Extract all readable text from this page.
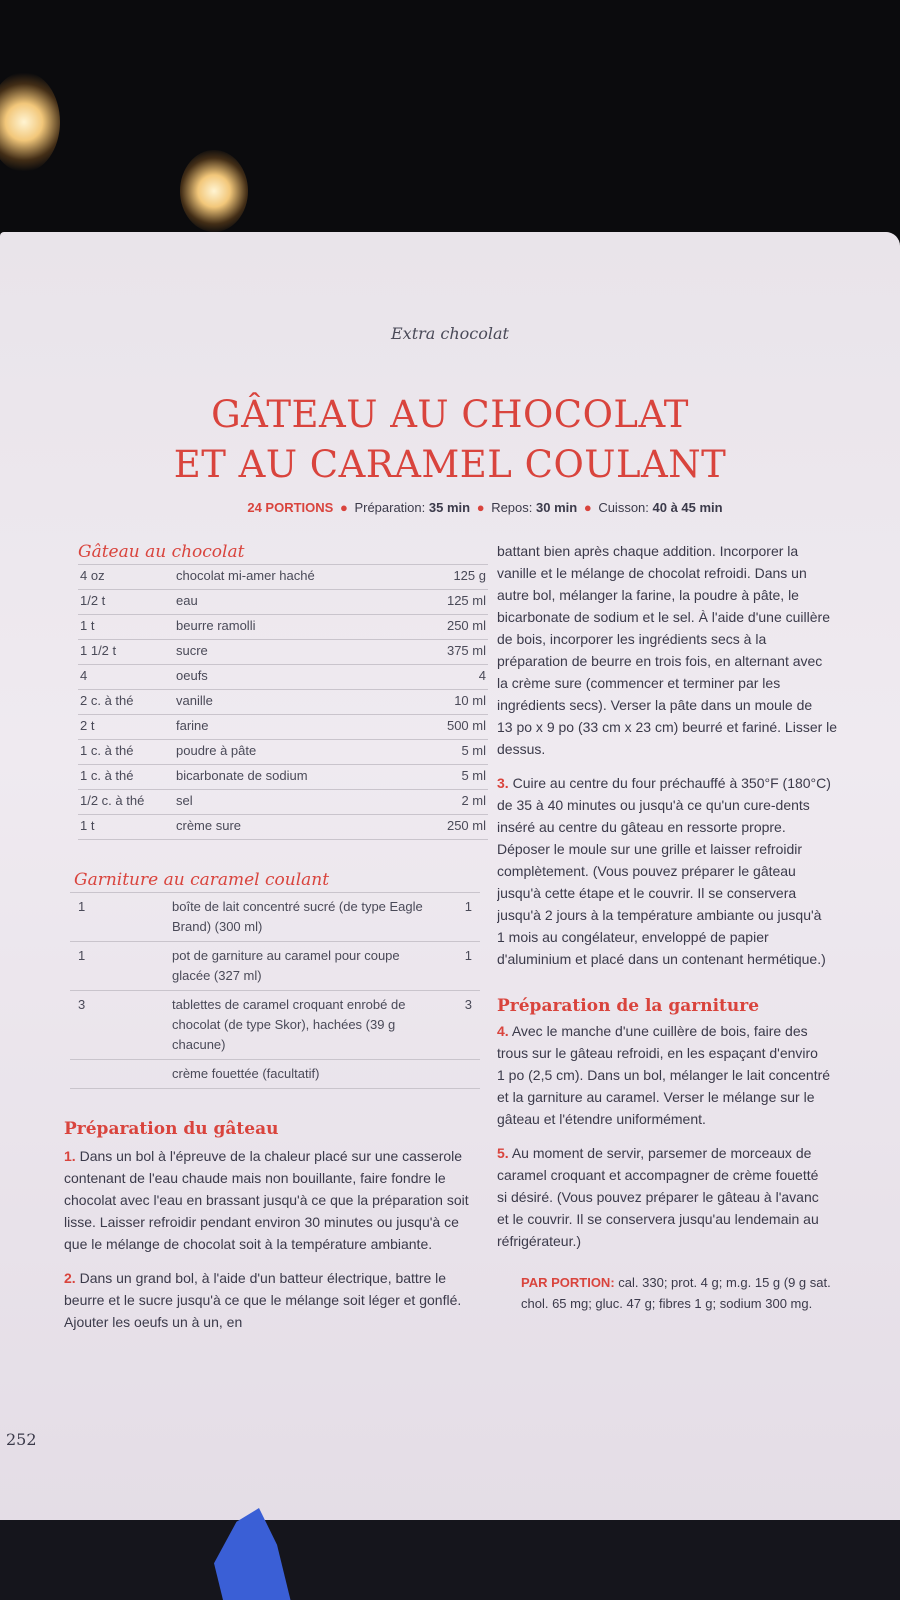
Extra chocolat
GÂTEAU AU CHOCOLAT
ET AU CARAMEL COULANT
24 PORTIONS ● Préparation: 35 min ● Repos: 30 min ● Cuisson: 40 à 45 min
Gâteau au chocolat
4 oz	chocolat mi-amer haché	125 g
1/2 t	eau	125 ml
1 t	beurre ramolli	250 ml
1 1/2 t	sucre	375 ml
4	oeufs	4
2 c. à thé	vanille	10 ml
2 t	farine	500 ml
1 c. à thé	poudre à pâte	5 ml
1 c. à thé	bicarbonate de sodium	5 ml
1/2 c. à thé	sel	2 ml
1 t	crème sure	250 ml
Garniture au caramel coulant
1	boîte de lait concentré sucré (de type Eagle Brand) (300 ml)	1
1	pot de garniture au caramel pour coupe glacée (327 ml)	1
3	tablettes de caramel croquant enrobé de chocolat (de type Skor), hachées (39 g chacune)	3
	crème fouettée (facultatif)	
Préparation du gâteau

1. Dans un bol à l'épreuve de la chaleur placé sur une casserole contenant de l'eau chaude mais non bouillante, faire fondre le chocolat avec l'eau en brassant jusqu'à ce que la préparation soit lisse. Laisser refroidir pendant environ 30 minutes ou jusqu'à ce que le mélange de chocolat soit à la température ambiante.

2. Dans un grand bol, à l'aide d'un batteur électrique, battre le beurre et le sucre jusqu'à ce que le mélange soit léger et gonflé. Ajouter les oeufs un à un, en

battant bien après chaque addition. Incorporer la
vanille et le mélange de chocolat refroidi. Dans un
autre bol, mélanger la farine, la poudre à pâte, le
bicarbonate de sodium et le sel. À l'aide d'une cuillère
de bois, incorporer les ingrédients secs à la
préparation de beurre en trois fois, en alternant avec
la crème sure (commencer et terminer par les
ingrédients secs). Verser la pâte dans un moule de
13 po x 9 po (33 cm x 23 cm) beurré et fariné. Lisser le
dessus.
3. Cuire au centre du four préchauffé à 350°F (180°C)
de 35 à 40 minutes ou jusqu'à ce qu'un cure-dents
inséré au centre du gâteau en ressorte propre.
Déposer le moule sur une grille et laisser refroidir
complètement. (Vous pouvez préparer le gâteau
jusqu'à cette étape et le couvrir. Il se conservera
jusqu'à 2 jours à la température ambiante ou jusqu'à
1 mois au congélateur, enveloppé de papier
d'aluminium et placé dans un contenant hermétique.)
Préparation de la garniture
4. Avec le manche d'une cuillère de bois, faire des
trous sur le gâteau refroidi, en les espaçant d'enviro
1 po (2,5 cm). Dans un bol, mélanger le lait concentré
et la garniture au caramel. Verser le mélange sur le
gâteau et l'étendre uniformément.
5. Au moment de servir, parsemer de morceaux de
caramel croquant et accompagner de crème fouetté
si désiré. (Vous pouvez préparer le gâteau à l'avanc
et le couvrir. Il se conservera jusqu'au lendemain au
réfrigérateur.)
PAR PORTION: cal. 330; prot. 4 g; m.g. 15 g (9 g sat.
chol. 65 mg; gluc. 47 g; fibres 1 g; sodium 300 mg.
252
